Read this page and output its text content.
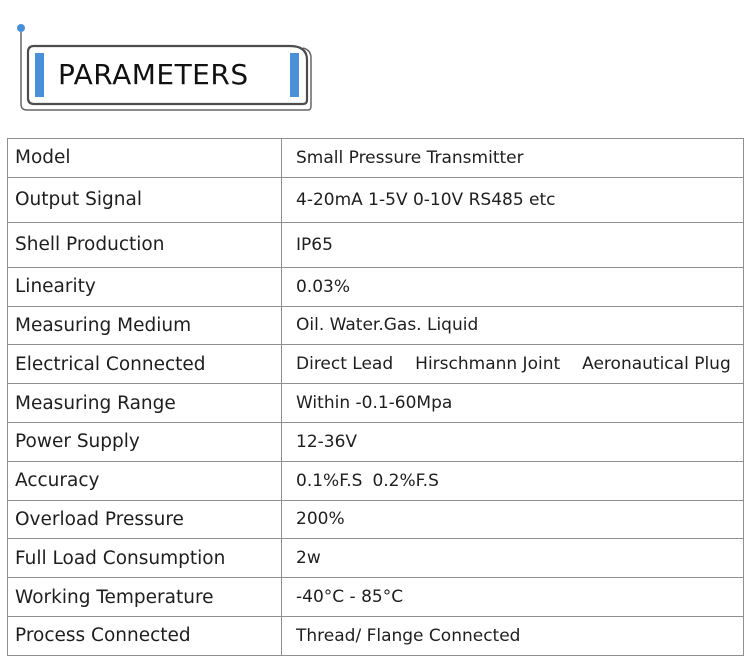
PARAMETERS
Model	Small Pressure Transmitter
Output Signal	4-20mA 1-5V 0-10V RS485 etc
Shell Production	IP65
Linearity	0.03%
Measuring Medium	Oil. Water.Gas. Liquid
Electrical Connected	Direct Lead Hirschmann Joint Aeronautical Plug
Measuring Range	Within -0.1-60Mpa
Power Supply	12-36V
Accuracy	0.1%F.S 0.2%F.S
Overload Pressure	200%
Full Load Consumption	2w
Working Temperature	-40°C - 85°C
Process Connected	Thread/ Flange Connected
